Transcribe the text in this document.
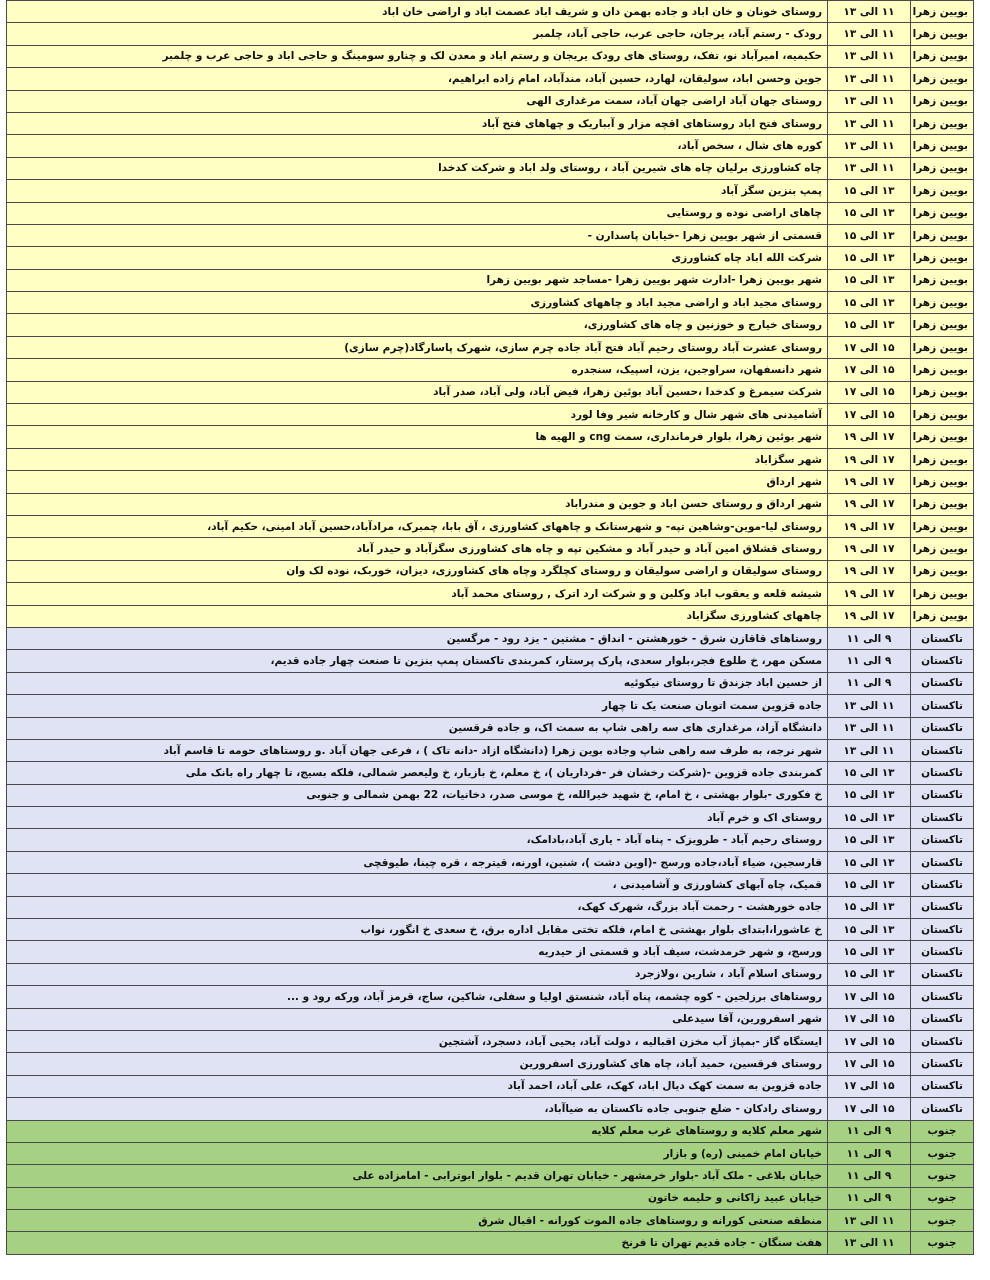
بویین زهرا	۱۱ الی ۱۳	روستای خونان و خان اباد و جاده بهمن دان و شریف اباد عصمت اباد و اراضی خان اباد
بویین زهرا	۱۱ الی ۱۳	رودک - رستم آباد، یرجان، حاجی عرب، حاجی آباد، چلمبر
بویین زهرا	۱۱ الی ۱۳	حکیمیه، امیرآباد نو، تفک، روستای های رودک یریجان و رستم اباد و معدن لک و چنارو سومینگ و حاجی اباد و حاجی عرب و چلمبر
بویین زهرا	۱۱ الی ۱۳	جوین وحسن اباد، سولیقان، لهارد، حسین آباد، مندآباد، امام زاده ابراهیم،
بویین زهرا	۱۱ الی ۱۳	روستای جهان آباد اراضی جهان آباد، سمت مرغداری الهی
بویین زهرا	۱۱ الی ۱۳	روستای فتح اباد روستاهای اقچه مزار و آبباریک و چهاهای فتح آباد
بویین زهرا	۱۱ الی ۱۳	کوره های شال ، سخص آباد،
بویین زهرا	۱۱ الی ۱۳	چاه کشاورزی برلیان چاه های شیرین آباد ، روستای ولد اباد و شرکت کدخدا
بویین زهرا	۱۳ الی ۱۵	پمپ بنزین سگز آباد
بویین زهرا	۱۳ الی ۱۵	چاهای اراضی نوده و روستایی
بویین زهرا	۱۳ الی ۱۵	قسمتی از شهر بویین زهرا -خیابان پاسدارن -
بویین زهرا	۱۳ الی ۱۵	شرکت الله اباد چاه کشاورزی
بویین زهرا	۱۳ الی ۱۵	شهر بویین زهرا -ادارت شهر بویین زهرا -مساجد شهر بویین زهرا
بویین زهرا	۱۳ الی ۱۵	روستای مجید اباد و اراضی مجید اباد و چاههای کشاورزی
بویین زهرا	۱۳ الی ۱۵	روستای خیارج و خوزنین و چاه های کشاورزی،
بویین زهرا	۱۵ الی ۱۷	روستای عشرت آباد روستای رحیم آباد فتح آباد جاده چرم سازی، شهرک پاسارگاد(چرم سازی)
بویین زهرا	۱۵ الی ۱۷	شهر دانسفهان، سراوجین، یزن، اسپیک، سنجدره
بویین زهرا	۱۵ الی ۱۷	شرکت سیمرغ و کدخدا ،حسین آباد بوئین زهرا، فیض آباد، ولی آباد، صدر آباد
بویین زهرا	۱۵ الی ۱۷	آشامیدنی های شهر شال و کارخانه شیر وفا لورد
بویین زهرا	۱۷ الی ۱۹	شهر بوئین زهرا، بلوار فرمانداری، سمت cng و الهیه ها
بویین زهرا	۱۷ الی ۱۹	شهر سگزاباد
بویین زهرا	۱۷ الی ۱۹	شهر ارداق
بویین زهرا	۱۷ الی ۱۹	شهر ارداق و روستای حسن اباد و جوین و مندراباد
بویین زهرا	۱۷ الی ۱۹	روستای لیا-موین-وشاهین تپه- و شهرستانک و چاههای کشاورزی ، آق بابا، چمبرک، مرادآباد،حسین آباد امینی، حکیم آباد،
بویین زهرا	۱۷ الی ۱۹	روستای قشلاق امین آباد و حیدر آباد و مشکین تپه و چاه های کشاورزی سگزآباد و حیدر آباد
بویین زهرا	۱۷ الی ۱۹	روستای سولیقان و اراضی سولیقان و روستای کچلگرد وچاه های کشاورزی، دیزان، خوربک، نوده لک وان
بویین زهرا	۱۷ الی ۱۹	شیشه قلعه و یعقوب اباد وکلین و و شرکت ارد اترک , روستای محمد آباد
بویین زهرا	۱۷ الی ۱۹	چاههای کشاورزی سگزاباد
تاکستان	۹ الی ۱۱	روستاهای قاقازن شرق - خورهشتن - انداق - مشتین - یزد رود - مرگسین
تاکستان	۹ الی ۱۱	مسکن مهر، خ طلوع فجر،بلوار سعدی، پارک پرستار، کمربندی تاکستان پمپ بنزین تا صنعت چهار جاده قدیم،
تاکستان	۹ الی ۱۱	از حسین اباد جزندق تا روستای نیکوئیه
تاکستان	۱۱ الی ۱۳	جاده قزوین سمت اتوبان صنعت یک تا چهار
تاکستان	۱۱ الی ۱۳	دانشگاه آزاد، مرغداری های سه راهی شاپ به سمت اک، و جاده قرقسین
تاکستان	۱۱ الی ۱۳	شهر نرجه، به طرف سه راهی شاپ وجاده بوین زهرا (دانشگاه ازاد -دانه تاک ) ، فرعی جهان آباد .و روستاهای حومه تا قاسم آباد
تاکستان	۱۳ الی ۱۵	کمربندی جاده قزوین -(شرکت رخشان فر -فرداریان )، خ معلم، خ بازیار، خ ولیعصر شمالی، فلکه بسیج، تا چهار راه بانک ملی
تاکستان	۱۳ الی ۱۵	خ فکوری -بلوار بهشتی ، خ امام، خ شهید خیرالله، خ موسی صدر، دخانیات، 22 بهمن شمالی و جنوبی
تاکستان	۱۳ الی ۱۵	روستای اک و خرم آباد
تاکستان	۱۳ الی ۱۵	روستای رحیم آباد - طرویزک - پناه آباد - یاری آباد،بادامک،
تاکستان	۱۳ الی ۱۵	قارسجین، ضیاء آباد،جاده ورسج -(اوین دشت )، شنین، اورنه، قیترجه ، قره چینا، طیوقچی
تاکستان	۱۳ الی ۱۵	قمیک، چاه آبهای کشاورزی و آشامیدنی ،
تاکستان	۱۳ الی ۱۵	جاده خورهشت - رحمت آباد بزرگ، شهرک کهک،
تاکستان	۱۳ الی ۱۵	خ عاشورا،ابتدای بلوار بهشتی خ امام، فلکه تختی مقابل اداره برق، خ سعدی خ انگور، نواب
تاکستان	۱۳ الی ۱۵	ورسج، و شهر خرمدشت، سیف آباد و قسمتی از حیدریه
تاکستان	۱۳ الی ۱۵	روستای اسلام آباد ، شارین ،ولازجرد
تاکستان	۱۵ الی ۱۷	روستاهای برزلجین - کوه چشمه، پناه آباد، شنستق اولیا و سفلی، شاکین، ساج، قرمز آباد، ورکه رود و ...
تاکستان	۱۵ الی ۱۷	شهر اسفرورین، آقا سیدعلی
تاکستان	۱۵ الی ۱۷	ایستگاه گاز -بمپاژ آب مخزن اقبالیه ، دولت آباد، یحیی آباد، دسجرد، آشتجین
تاکستان	۱۵ الی ۱۷	روستای فرقسین، حمید آباد، چاه های کشاورزی اسفرورین
تاکستان	۱۵ الی ۱۷	جاده قزوین به سمت کهک دیال اباد، کهک، علی آباد، احمد آباد
تاکستان	۱۵ الی ۱۷	روستای رادکان - ضلع جنوبی جاده تاکستان به ضیاآباد،
جنوب	۹ الی ۱۱	شهر معلم کلایه و روستاهای غرب معلم کلایه
جنوب	۹ الی ۱۱	خیابان امام خمینی (ره) و بازار
جنوب	۹ الی ۱۱	خیابان بلاغی - ملک آباد -بلوار خرمشهر - خیابان تهران قدیم - بلوار ابوترابی - امامزاده علی
جنوب	۹ الی ۱۱	خیابان عبید زاکانی و حلیمه خاتون
جنوب	۱۱ الی ۱۳	منطقه صنعتی کورانه و روستاهای جاده الموت کورانه - اقبال شرق
جنوب	۱۱ الی ۱۳	هفت سنگان - جاده قدیم تهران تا فرنخ
